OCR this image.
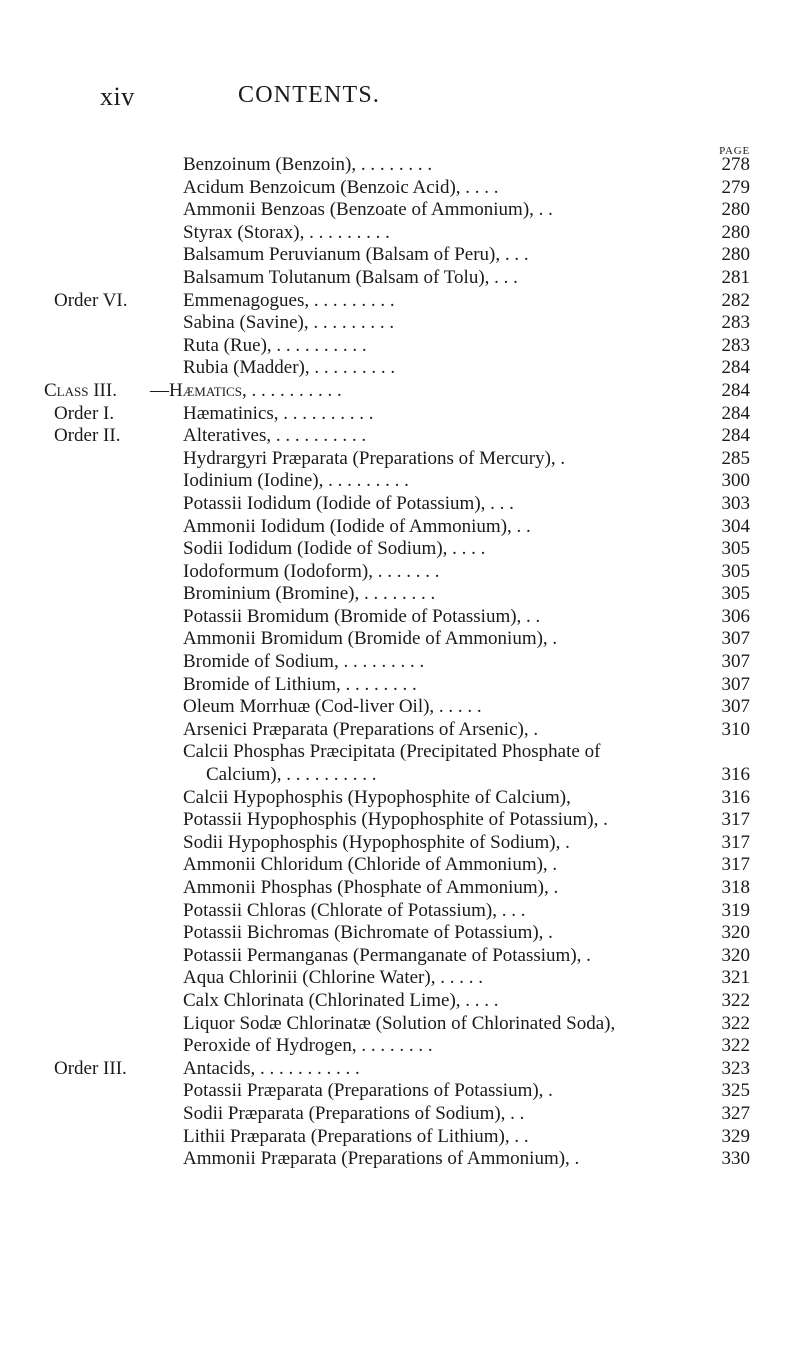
xiv	CONTENTS.
PAGE
Benzoinum (Benzoin), . . . . . . . .	278
Acidum Benzoicum (Benzoic Acid), . . . .	279
Ammonii Benzoas (Benzoate of Ammonium), . .	280
Styrax (Storax), . . . . . . . . .	280
Balsamum Peruvianum (Balsam of Peru), . . .	280
Balsamum Tolutanum (Balsam of Tolu), . . .	281
Order VI.	Emmenagogues, . . . . . . . . .	282
Sabina (Savine), . . . . . . . . .	283
Ruta (Rue), . . . . . . . . . .	283
Rubia (Madder), . . . . . . . . .	284
Class III. —Hæmatics, . . . . . . . . . .	284
Order I.	Hæmatinics, . . . . . . . . . .	284
Order II.	Alteratives, . . . . . . . . . .	284
Hydrargyri Præparata (Preparations of Mercury), .	285
Iodinium (Iodine), . . . . . . . . .	300
Potassii Iodidum (Iodide of Potassium), . . .	303
Ammonii Iodidum (Iodide of Ammonium), . .	304
Sodii Iodidum (Iodide of Sodium), . . . .	305
Iodoformum (Iodoform), . . . . . . .	305
Brominium (Bromine), . . . . . . . .	305
Potassii Bromidum (Bromide of Potassium), . .	306
Ammonii Bromidum (Bromide of Ammonium), .	307
Bromide of Sodium, . . . . . . . . .	307
Bromide of Lithium, . . . . . . . .	307
Oleum Morrhuæ (Cod-liver Oil), . . . . .	307
Arsenici Præparata (Preparations of Arsenic), .	310
Calcii Phosphas Præcipitata (Precipitated Phosphate of
Calcium), . . . . . . . . . .	316
Calcii Hypophosphis (Hypophosphite of Calcium),	316
Potassii Hypophosphis (Hypophosphite of Potassium), .	317
Sodii Hypophosphis (Hypophosphite of Sodium), .	317
Ammonii Chloridum (Chloride of Ammonium), .	317
Ammonii Phosphas (Phosphate of Ammonium), .	318
Potassii Chloras (Chlorate of Potassium), . . .	319
Potassii Bichromas (Bichromate of Potassium), .	320
Potassii Permanganas (Permanganate of Potassium), .	320
Aqua Chlorinii (Chlorine Water), . . . . .	321
Calx Chlorinata (Chlorinated Lime), . . . .	322
Liquor Sodæ Chlorinatæ (Solution of Chlorinated Soda),	322
Peroxide of Hydrogen, . . . . . . . .	322
Order III.	Antacids, . . . . . . . . . . .	323
Potassii Præparata (Preparations of Potassium), .	325
Sodii Præparata (Preparations of Sodium), . .	327
Lithii Præparata (Preparations of Lithium), . .	329
Ammonii Præparata (Preparations of Ammonium), .	330
